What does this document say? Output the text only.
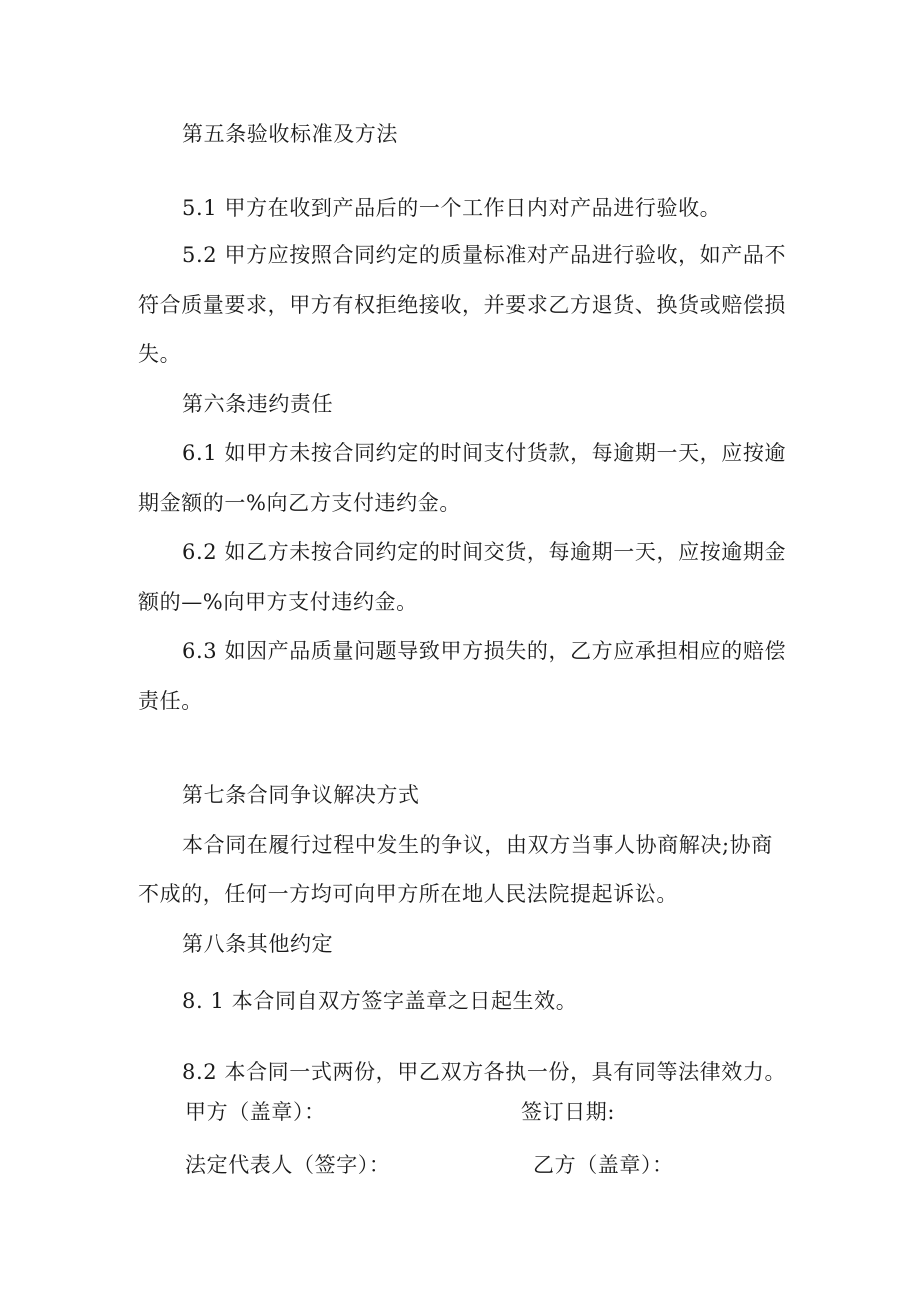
第五条验收标准及方法
5.1 甲方在收到产品后的一个工作日内对产品进行验收。
5.2 甲方应按照合同约定的质量标准对产品进行验收，如产品不
符合质量要求，甲方有权拒绝接收，并要求乙方退货、换货或赔偿损
失。
第六条违约责任
6.1 如甲方未按合同约定的时间支付货款，每逾期一天，应按逾
期金额的一%向乙方支付违约金。
6.2 如乙方未按合同约定的时间交货，每逾期一天，应按逾期金
额的—%向甲方支付违约金。
6.3 如因产品质量问题导致甲方损失的，乙方应承担相应的赔偿
责任。
第七条合同争议解决方式
本合同在履行过程中发生的争议，由双方当事人协商解决;协商
不成的，任何一方均可向甲方所在地人民法院提起诉讼。
第八条其他约定
8. 1 本合同自双方签字盖章之日起生效。
8.2 本合同一式两份，甲乙双方各执一份，具有同等法律效力。
甲方（盖章）：	签订日期:
法定代表人（签字）：	乙方（盖章）：
